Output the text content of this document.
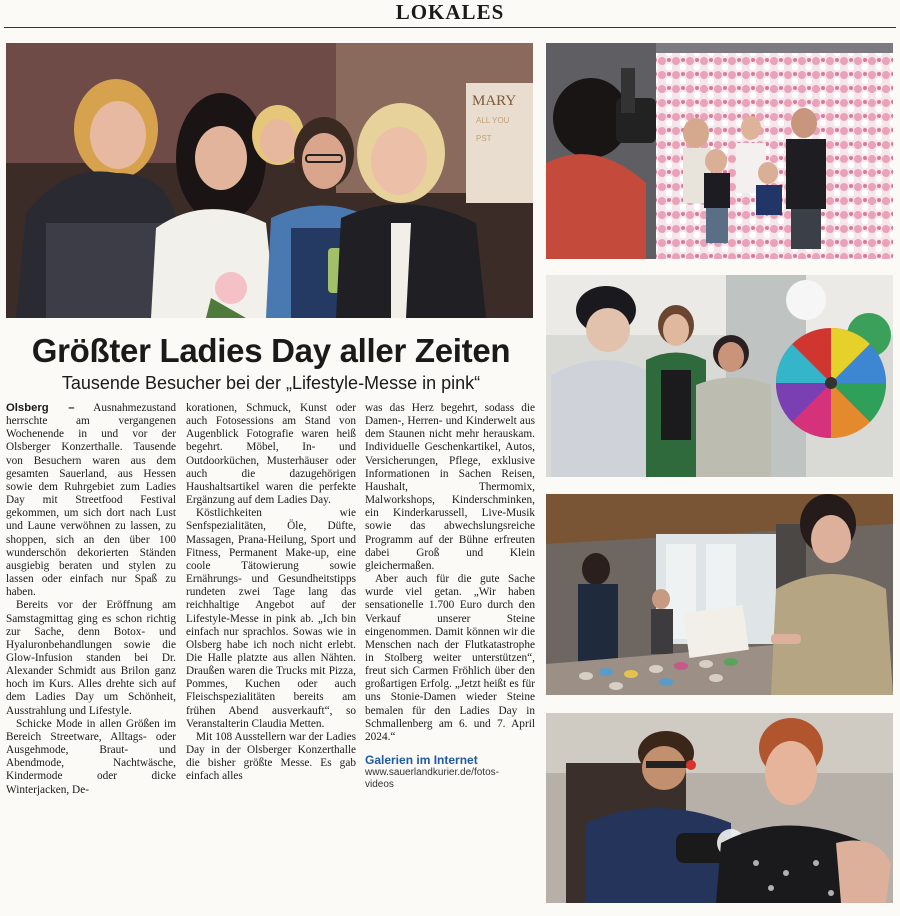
LOKALES
MARY
ALL YOU
PST
Größter Ladies Day aller Zeiten
Tausende Besucher bei der „Lifestyle-Messe in pink“

Olsberg – Ausnahmezustand herrschte am vergangenen Wochenende in und vor der Olsberger Konzerthalle. Tausende von Besuchern waren aus dem gesamten Sauerland, aus Hessen sowie dem Ruhrgebiet zum Ladies Day mit Streetfood Festival gekommen, um sich dort nach Lust und Laune verwöhnen zu lassen, zu shoppen, sich an den über 100 wunderschön dekorierten Ständen ausgiebig beraten und stylen zu lassen oder einfach nur Spaß zu haben.

Bereits vor der Eröffnung am Samstagmittag ging es schon richtig zur Sache, denn Botox- und Hyaluronbehandlungen sowie die Glow-Infusion standen bei Dr. Alexander Schmidt aus Brilon ganz hoch im Kurs. Alles drehte sich auf dem Ladies Day um Schönheit, Ausstrahlung und Lifestyle.

Schicke Mode in allen Größen im Bereich Streetware, Alltags- oder Ausgehmode, Braut- und Abendmode, Nachtwäsche, Kindermode oder dicke Winterjacken, De-

korationen, Schmuck, Kunst oder auch Fotosessions am Stand von Augenblick Fotografie waren heiß begehrt. Möbel, In- und Outdoorküchen, Musterhäuser oder auch die dazugehörigen Haushaltsartikel waren die perfekte Ergänzung auf dem Ladies Day.

Köstlichkeiten wie Senfspezialitäten, Öle, Düfte, Massagen, Prana-Heilung, Sport und Fitness, Permanent Make-up, eine coole Tätowierung sowie Ernährungs- und Gesundheitstipps rundeten zwei Tage lang das reichhaltige Angebot auf der Lifestyle-Messe in pink ab. „Ich bin einfach nur sprachlos. Sowas wie in Olsberg habe ich noch nicht erlebt. Die Halle platzte aus allen Nähten. Draußen waren die Trucks mit Pizza, Pommes, Kuchen oder auch Fleischspezialitäten bereits am frühen Abend ausverkauft“, so Veranstalterin Claudia Metten.

Mit 108 Ausstellern war der Ladies Day in der Olsberger Konzerthalle die bisher größte Messe. Es gab einfach alles

was das Herz begehrt, sodass die Damen-, Herren- und Kinderwelt aus dem Staunen nicht mehr herauskam. Individuelle Geschenkartikel, Autos, Versicherungen, Pflege, exklusive Informationen in Sachen Reisen, Haushalt, Thermomix, Malworkshops, Kinderschminken, ein Kinderkarussell, Live-Musik sowie das abwechslungsreiche Programm auf der Bühne erfreuten dabei Groß und Klein gleichermaßen.

Aber auch für die gute Sache wurde viel getan. „Wir haben sensationelle 1.700 Euro durch den Verkauf unserer Steine eingenommen. Damit können wir die Menschen nach der Flutkatastrophe in Stolberg weiter unterstützen“, freut sich Carmen Fröhlich über den großartigen Erfolg. „Jetzt heißt es für uns Stonie-Damen wieder Steine bemalen für den Ladies Day in Schmallenberg am 6. und 7. April 2024.“

Galerien im Internet
www.sauerlandkurier.de/fotos-
videos
